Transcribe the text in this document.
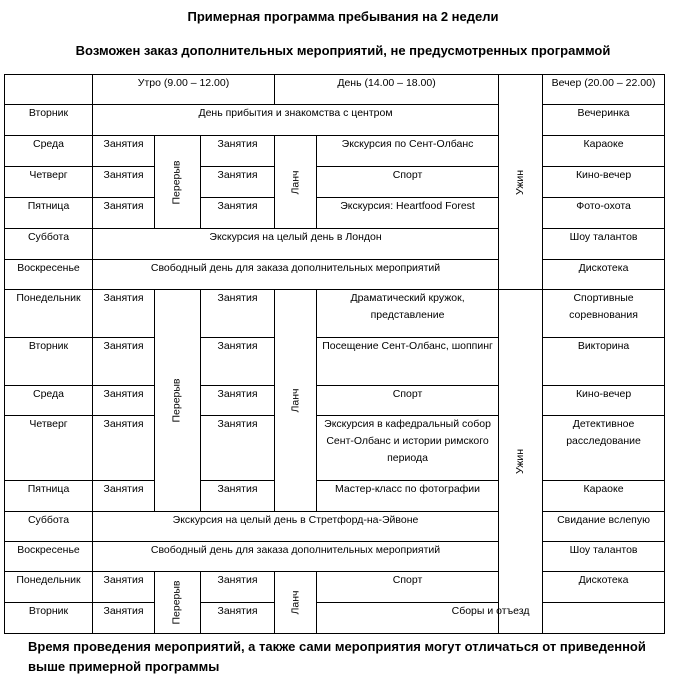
Примерная программа пребывания на 2 недели
Возможен заказ дополнительных мероприятий, не предусмотренных программой
	Утро (9.00 – 12.00)			День (14.00 – 18.00)		Ужин	Вечер (20.00 – 22.00)
Вторник	День прибытия и знакомства с центром						Вечеринка
Среда	Занятия	Перерыв	Занятия	Ланч	Экскурсия по Сент-Олбанс		Караоке
Четверг	Занятия		Занятия		Спорт		Кино-вечер
Пятница	Занятия		Занятия		Экскурсия: Heartfood Forest		Фото-охота
Суббота	Экскурсия на целый день в Лондон						Шоу талантов
Воскресенье	Свободный день для заказа дополнительных мероприятий						Дискотека
Понедельник	Занятия	Перерыв	Занятия	Ланч	Драматический кружок, представление	Ужин	Спортивные соревнования
Вторник	Занятия		Занятия		Посещение Сент-Олбанс, шоппинг		Викторина
Среда	Занятия		Занятия		Спорт		Кино-вечер
Четверг	Занятия		Занятия		Экскурсия в кафедральный собор Сент-Олбанс и истории римского периода		Детективное расследование
Пятница	Занятия		Занятия		Мастер-класс по фотографии		Караоке
Суббота	Экскурсия на целый день в Стретфорд-на-Эйвоне						Свидание вслепую
Воскресенье	Свободный день для заказа дополнительных мероприятий						Шоу талантов
Понедельник	Занятия	Перерыв	Занятия	Ланч	Спорт		Дискотека
Вторник	Занятия		Занятия		Сборы и отъезд		
Время проведения мероприятий, а также сами мероприятия могут отличаться от приведенной выше примерной программы
